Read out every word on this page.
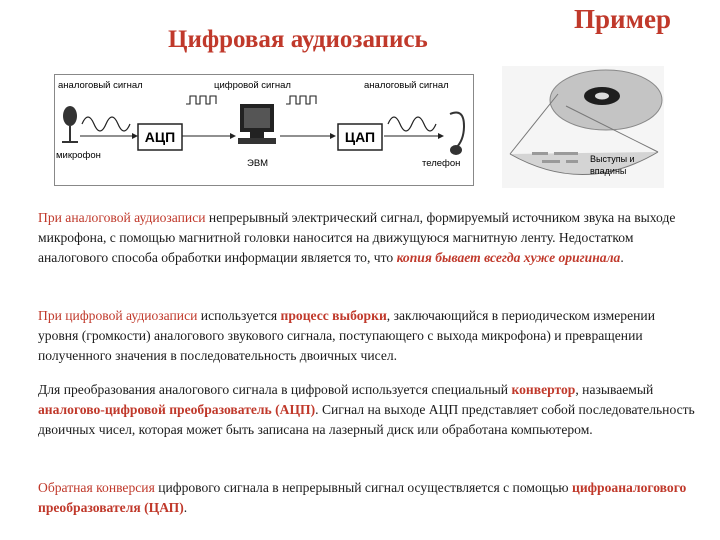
Пример
Цифровая аудиозапись
аналоговый сигнал	цифровой сигнал	аналоговый сигнал
микрофон
АЦП
ЭВМ
ЦАП
телефон	Выступы и
впадины
При аналоговой аудиозаписи непрерывный электрический сигнал, формируемый источником звука на выходе микрофона, с помощью магнитной головки наносится на движущуюся магнитную ленту. Недостатком аналогового способа обработки информации является то, что копия бывает всегда хуже оригинала.
При цифровой аудиозаписи используется процесс выборки, заключающийся в периодическом измерении уровня (громкости) аналогового звукового сигнала, поступающего с выхода микрофона) и превращении полученного значения в последовательность двоичных чисел.
Для преобразования аналогового сигнала в цифровой используется специальный конвертор, называемый аналогово-цифровой преобразователь (АЦП). Сигнал на выходе АЦП представляет собой последовательность двоичных чисел, которая может быть записана на лазерный диск или обработана компьютером.
Обратная конверсия цифрового сигнала в непрерывный сигнал осуществляется с помощью цифроаналогового преобразователя (ЦАП).
